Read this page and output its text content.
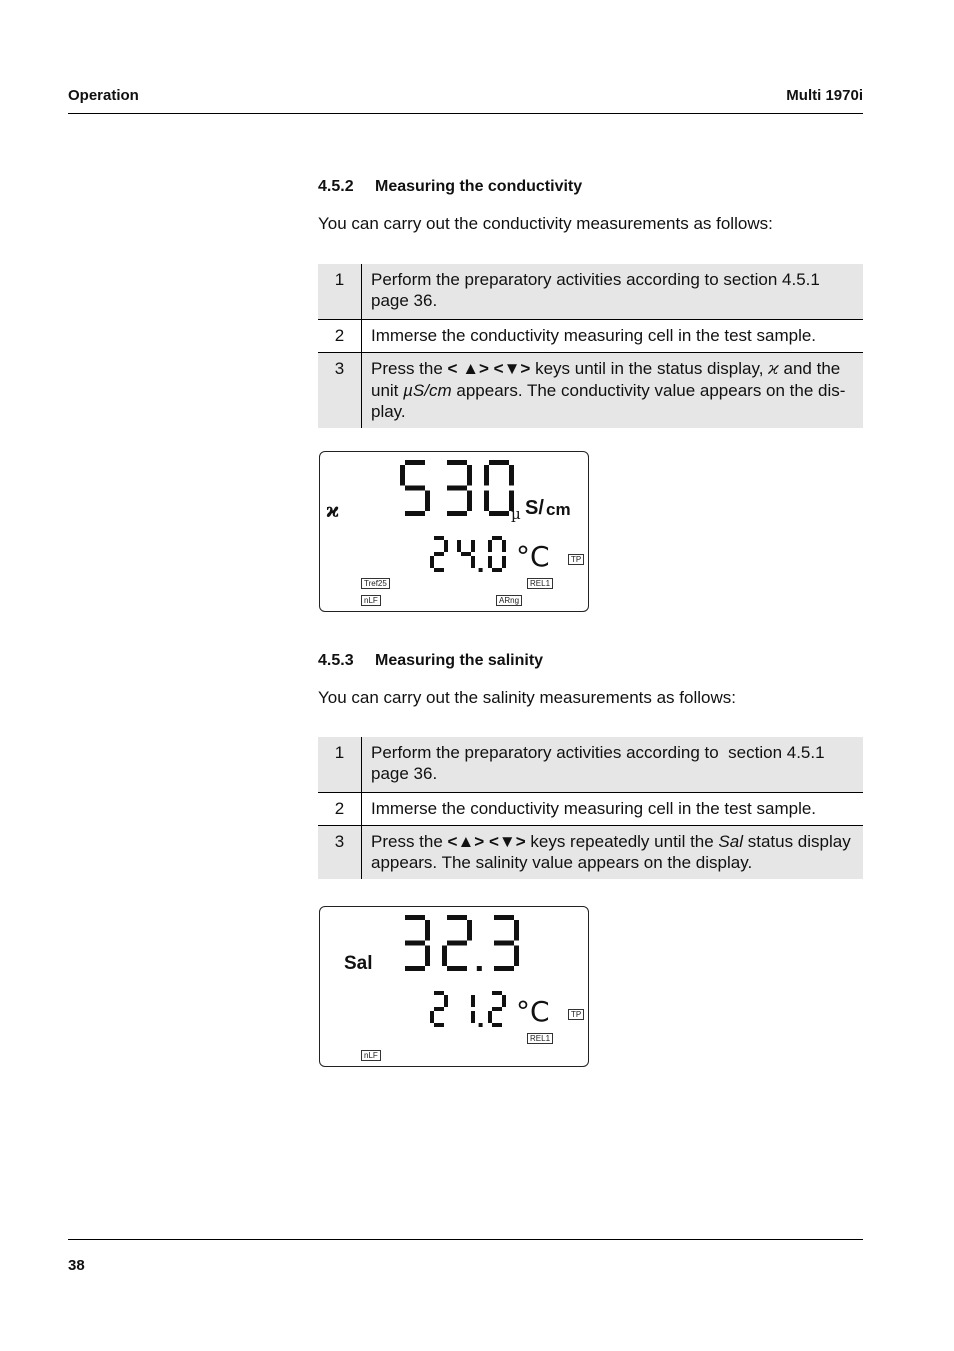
Operation	Multi 1970i
4.5.2 Measuring the conductivity
You can carry out the conductivity measurements as follows:
1	Perform the preparatory activities according to section 4.5.1
page 36.
2	Immerse the conductivity measuring cell in the test sample.
3	Press the < ▲> <▼> keys until in the status display, ϰ and the
unit µS/cm appears. The conductivity value appears on the dis-
play.
ϰ	µ S/ cm
°C	TP
Tref25	REL1
nLF	ARng
4.5.3 Measuring the salinity
You can carry out the salinity measurements as follows:
1	Perform the preparatory activities according to  section 4.5.1
page 36.
2	Immerse the conductivity measuring cell in the test sample.
3	Press the <▲> <▼> keys repeatedly until the Sal status display
appears. The salinity value appears on the display.
Sal
°C	TP
REL1
nLF
38
